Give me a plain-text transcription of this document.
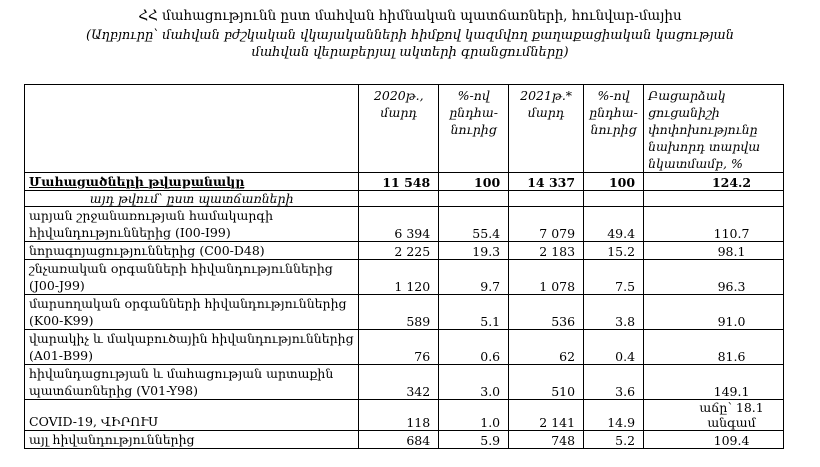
ՀՀ մահացությունն ըստ մահվան հիմնական պատճառների, հունվար-մայիս
(Աղբյուրը՝ մահվան բժշկական վկայականների հիմքով կազմվող քաղաքացիական կացության
մահվան վերաբերյալ ակտերի գրանցումները)
	2020թ., մարդ	%-ով ընդհա-նուրից	2021թ.* մարդ	%-ով ընդհա-նուրից	Բացարձակ ցուցանիշի փոփոխությունը նախորդ տարվա նկատմամբ, %
Մահացածների թվաքանակը	11 548	100	14 337	100	124.2
այդ թվում՝ ըստ պատճառների					
արյան շրջանառության համակարգի հիվանդություններից (I00-I99)	6 394	55.4	7 079	49.4	110.7
նորագոյացություններից (C00-D48)	2 225	19.3	2 183	15.2	98.1
շնչառական օրգանների հիվանդություններից (J00-J99)	1 120	9.7	1 078	7.5	96.3
մարսողական օրգանների հիվանդություններից (K00-K99)	589	5.1	536	3.8	91.0
վարակիչ և մակաբուծային հիվանդություններից (A01-B99)	76	0.6	62	0.4	81.6
հիվանդացության և մահացության արտաքին պատճառներից (V01-Y98)	342	3.0	510	3.6	149.1
COVID-19, ՎԻՐՈՒՍ	118	1.0	2 141	14.9	աճը՝ 18.1 անգամ
այլ հիվանդություններից	684	5.9	748	5.2	109.4
